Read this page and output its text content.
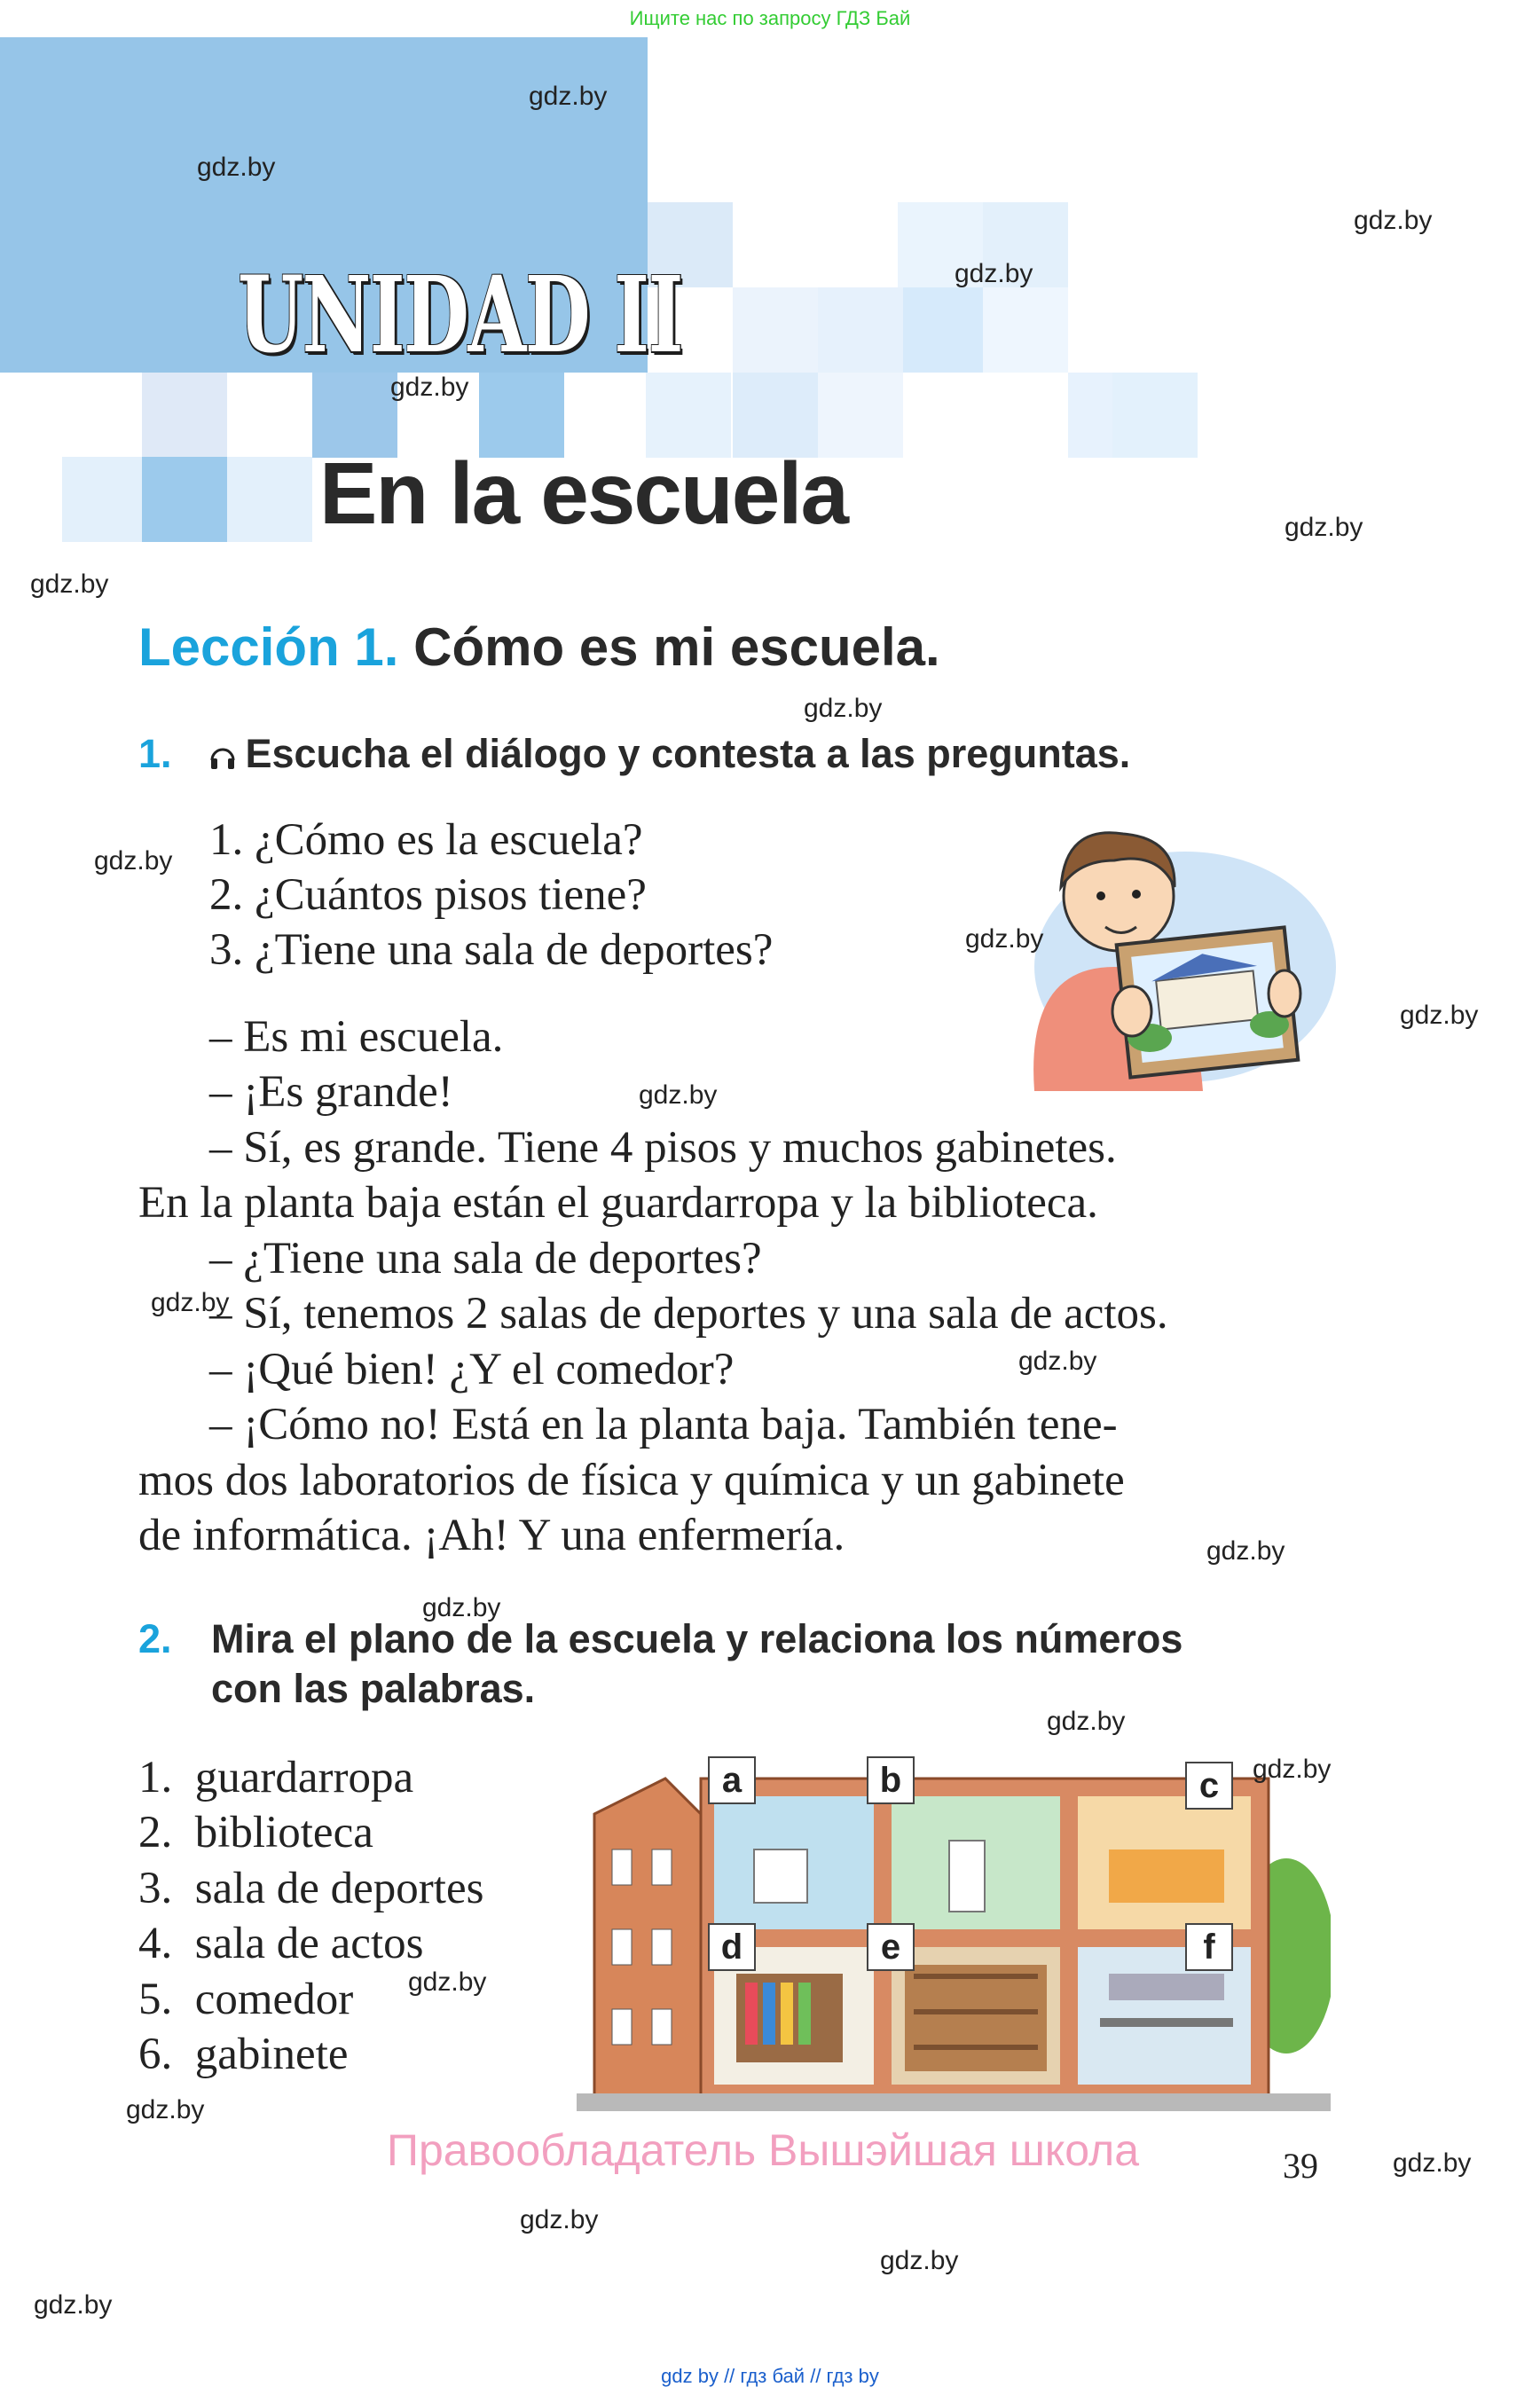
Ищите нас по запросу ГДЗ Бай
UNIDAD II
En la escuela
Lección 1. Cómo es mi escuela.
1. Escucha el diálogo y contesta a las preguntas.
1. ¿Cómo es la escuela?
2. ¿Cuántos pisos tiene?
3. ¿Tiene una sala de deportes?
– Es mi escuela.
– ¡Es grande!
– Sí, es grande. Tiene 4 pisos y muchos gabinetes.
En la planta baja están el guardarropa y la biblioteca.
– ¿Tiene una sala de deportes?
– Sí, tenemos 2 salas de deportes y una sala de actos.
– ¡Qué bien! ¿Y el comedor?
– ¡Cómo no! Está en la planta baja. También tene-
mos dos laboratorios de física y química y un gabinete
de informática. ¡Ah! Y una enfermería.
2. Mira el plano de la escuela y relaciona los números
con las palabras.
1.  guardarropa
2.  biblioteca
3.  sala de deportes
4.  sala de actos
5.  comedor
6.  gabinete
a	b	c
d	e	f
gdz.by
gdz.by
gdz.by
gdz.by
gdz.by
gdz.by
gdz.by
gdz.by
gdz.by
gdz.by
gdz.by
gdz.by
gdz.by
gdz.by
gdz.by
gdz.by
gdz.by
gdz.by
gdz.by
gdz.by
gdz.by
gdz.by
gdz.by
gdz.by
Правообладатель Вышэйшая школа	39
gdz by // гдз бай // гдз by
